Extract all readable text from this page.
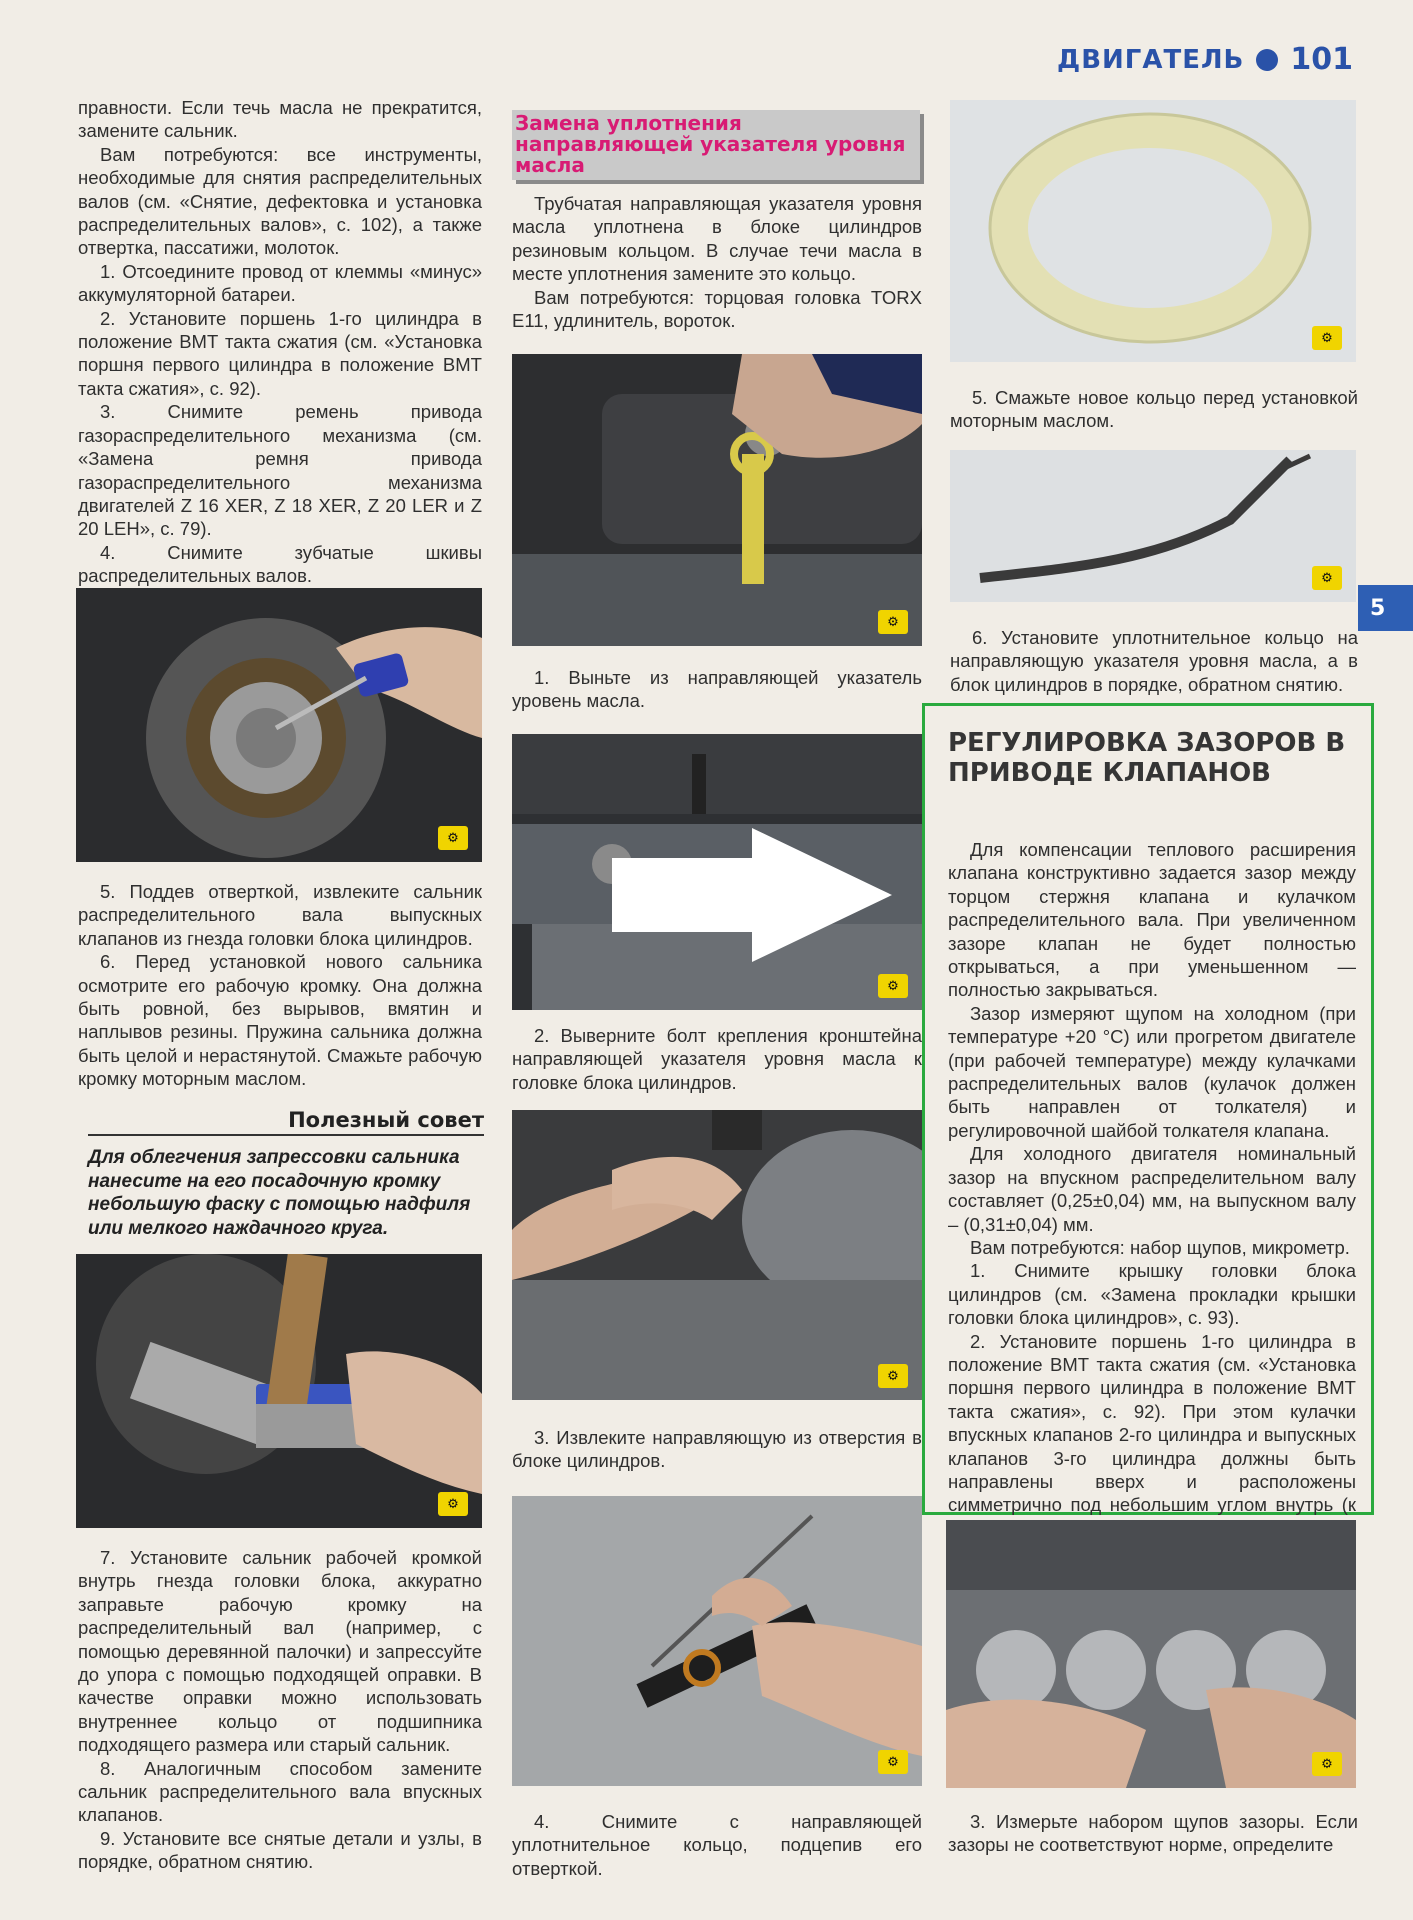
ДВИГАТЕЛЬ 101
5

правности. Если течь масла не прекратится, замените сальник.

Вам потребуются: все инструменты, необходимые для снятия распределительных валов (см. «Снятие, дефектовка и установка распределительных валов», с. 102), а также отвертка, пассатижи, молоток.

1. Отсоедините провод от клеммы «минус» аккумуляторной батареи.

2. Установите поршень 1-го цилиндра в положение ВМТ такта сжатия (см. «Установка поршня первого цилиндра в положение ВМТ такта сжатия», с. 92).

3. Снимите ремень привода газораспределительного механизма (см. «Замена ремня привода газораспределительного механизма двигателей Z 16 XER, Z 18 XER, Z 20 LER и Z 20 LEH», с. 79).

4. Снимите зубчатые шкивы распределительных валов.

⚙

5. Поддев отверткой, извлеките сальник распределительного вала выпускных клапанов из гнезда головки блока цилиндров.

6. Перед установкой нового сальника осмотрите его рабочую кромку. Она должна быть ровной, без вырывов, вмятин и наплывов резины. Пружина сальника должна быть целой и нерастянутой. Смажьте рабочую кромку моторным маслом.

Полезный совет
Для облегчения запрессовки сальника нанесите на его посадочную кромку небольшую фаску с помощью надфиля или мелкого наждачного круга.
⚙

7. Установите сальник рабочей кромкой внутрь гнезда головки блока, аккуратно заправьте рабочую кромку на распределительный вал (например, с помощью деревянной палочки) и запрессуйте до упора с помощью подходящей оправки. В качестве оправки можно использовать внутреннее кольцо от подшипника подходящего размера или старый сальник.

8. Аналогичным способом замените сальник распределительного вала впускных клапанов.

9. Установите все снятые детали и узлы, в порядке, обратном снятию.

Замена уплотнения направляющей указателя уровня масла

Трубчатая направляющая указателя уровня масла уплотнена в блоке цилиндров резиновым кольцом. В случае течи масла в месте уплотнения замените это кольцо.

Вам потребуются: торцовая головка TORX E11, удлинитель, вороток.

⚙
1. Выньте из направляющей указатель уровень масла.
⚙
2. Выверните болт крепления кронштейна направляющей указателя уровня масла к головке блока цилиндров.
⚙
3. Извлеките направляющую из отверстия в блоке цилиндров.
⚙
4. Снимите с направляющей уплотнительное кольцо, подцепив его отверткой.
⚙
5. Смажьте новое кольцо перед установкой моторным маслом.
⚙
6. Установите уплотнительное кольцо на направляющую указателя уровня масла, а в блок цилиндров в порядке, обратном снятию.
РЕГУЛИРОВКА ЗАЗОРОВ В ПРИВОДЕ КЛАПАНОВ

Для компенсации теплового расширения клапана конструктивно задается зазор между торцом стержня клапана и кулачком распределительного вала. При увеличенном зазоре клапан не будет полностью открываться, а при уменьшенном — полностью закрываться.

Зазор измеряют щупом на холодном (при температуре +20 °С) или прогретом двигателе (при рабочей температуре) между кулачками распределительных валов (кулачок должен быть направлен от толкателя) и регулировочной шайбой толкателя клапана.

Для холодного двигателя номинальный зазор на впускном распределительном валу составляет (0,25±0,04) мм, на выпускном валу – (0,31±0,04) мм.

Вам потребуются: набор щупов, микрометр.

1. Снимите крышку головки блока цилиндров (см. «Замена прокладки крышки головки блока цилиндров», с. 93).

2. Установите поршень 1-го цилиндра в положение ВМТ такта сжатия (см. «Установка поршня первого цилиндра в положение ВМТ такта сжатия», с. 92). При этом кулачки впускных клапанов 2-го цилиндра и выпускных клапанов 3-го цилиндра должны быть направлены вверх и расположены симметрично под небольшим углом внутрь (к

⚙
3. Измерьте набором щупов зазоры. Если зазоры не соответствуют норме, определите
